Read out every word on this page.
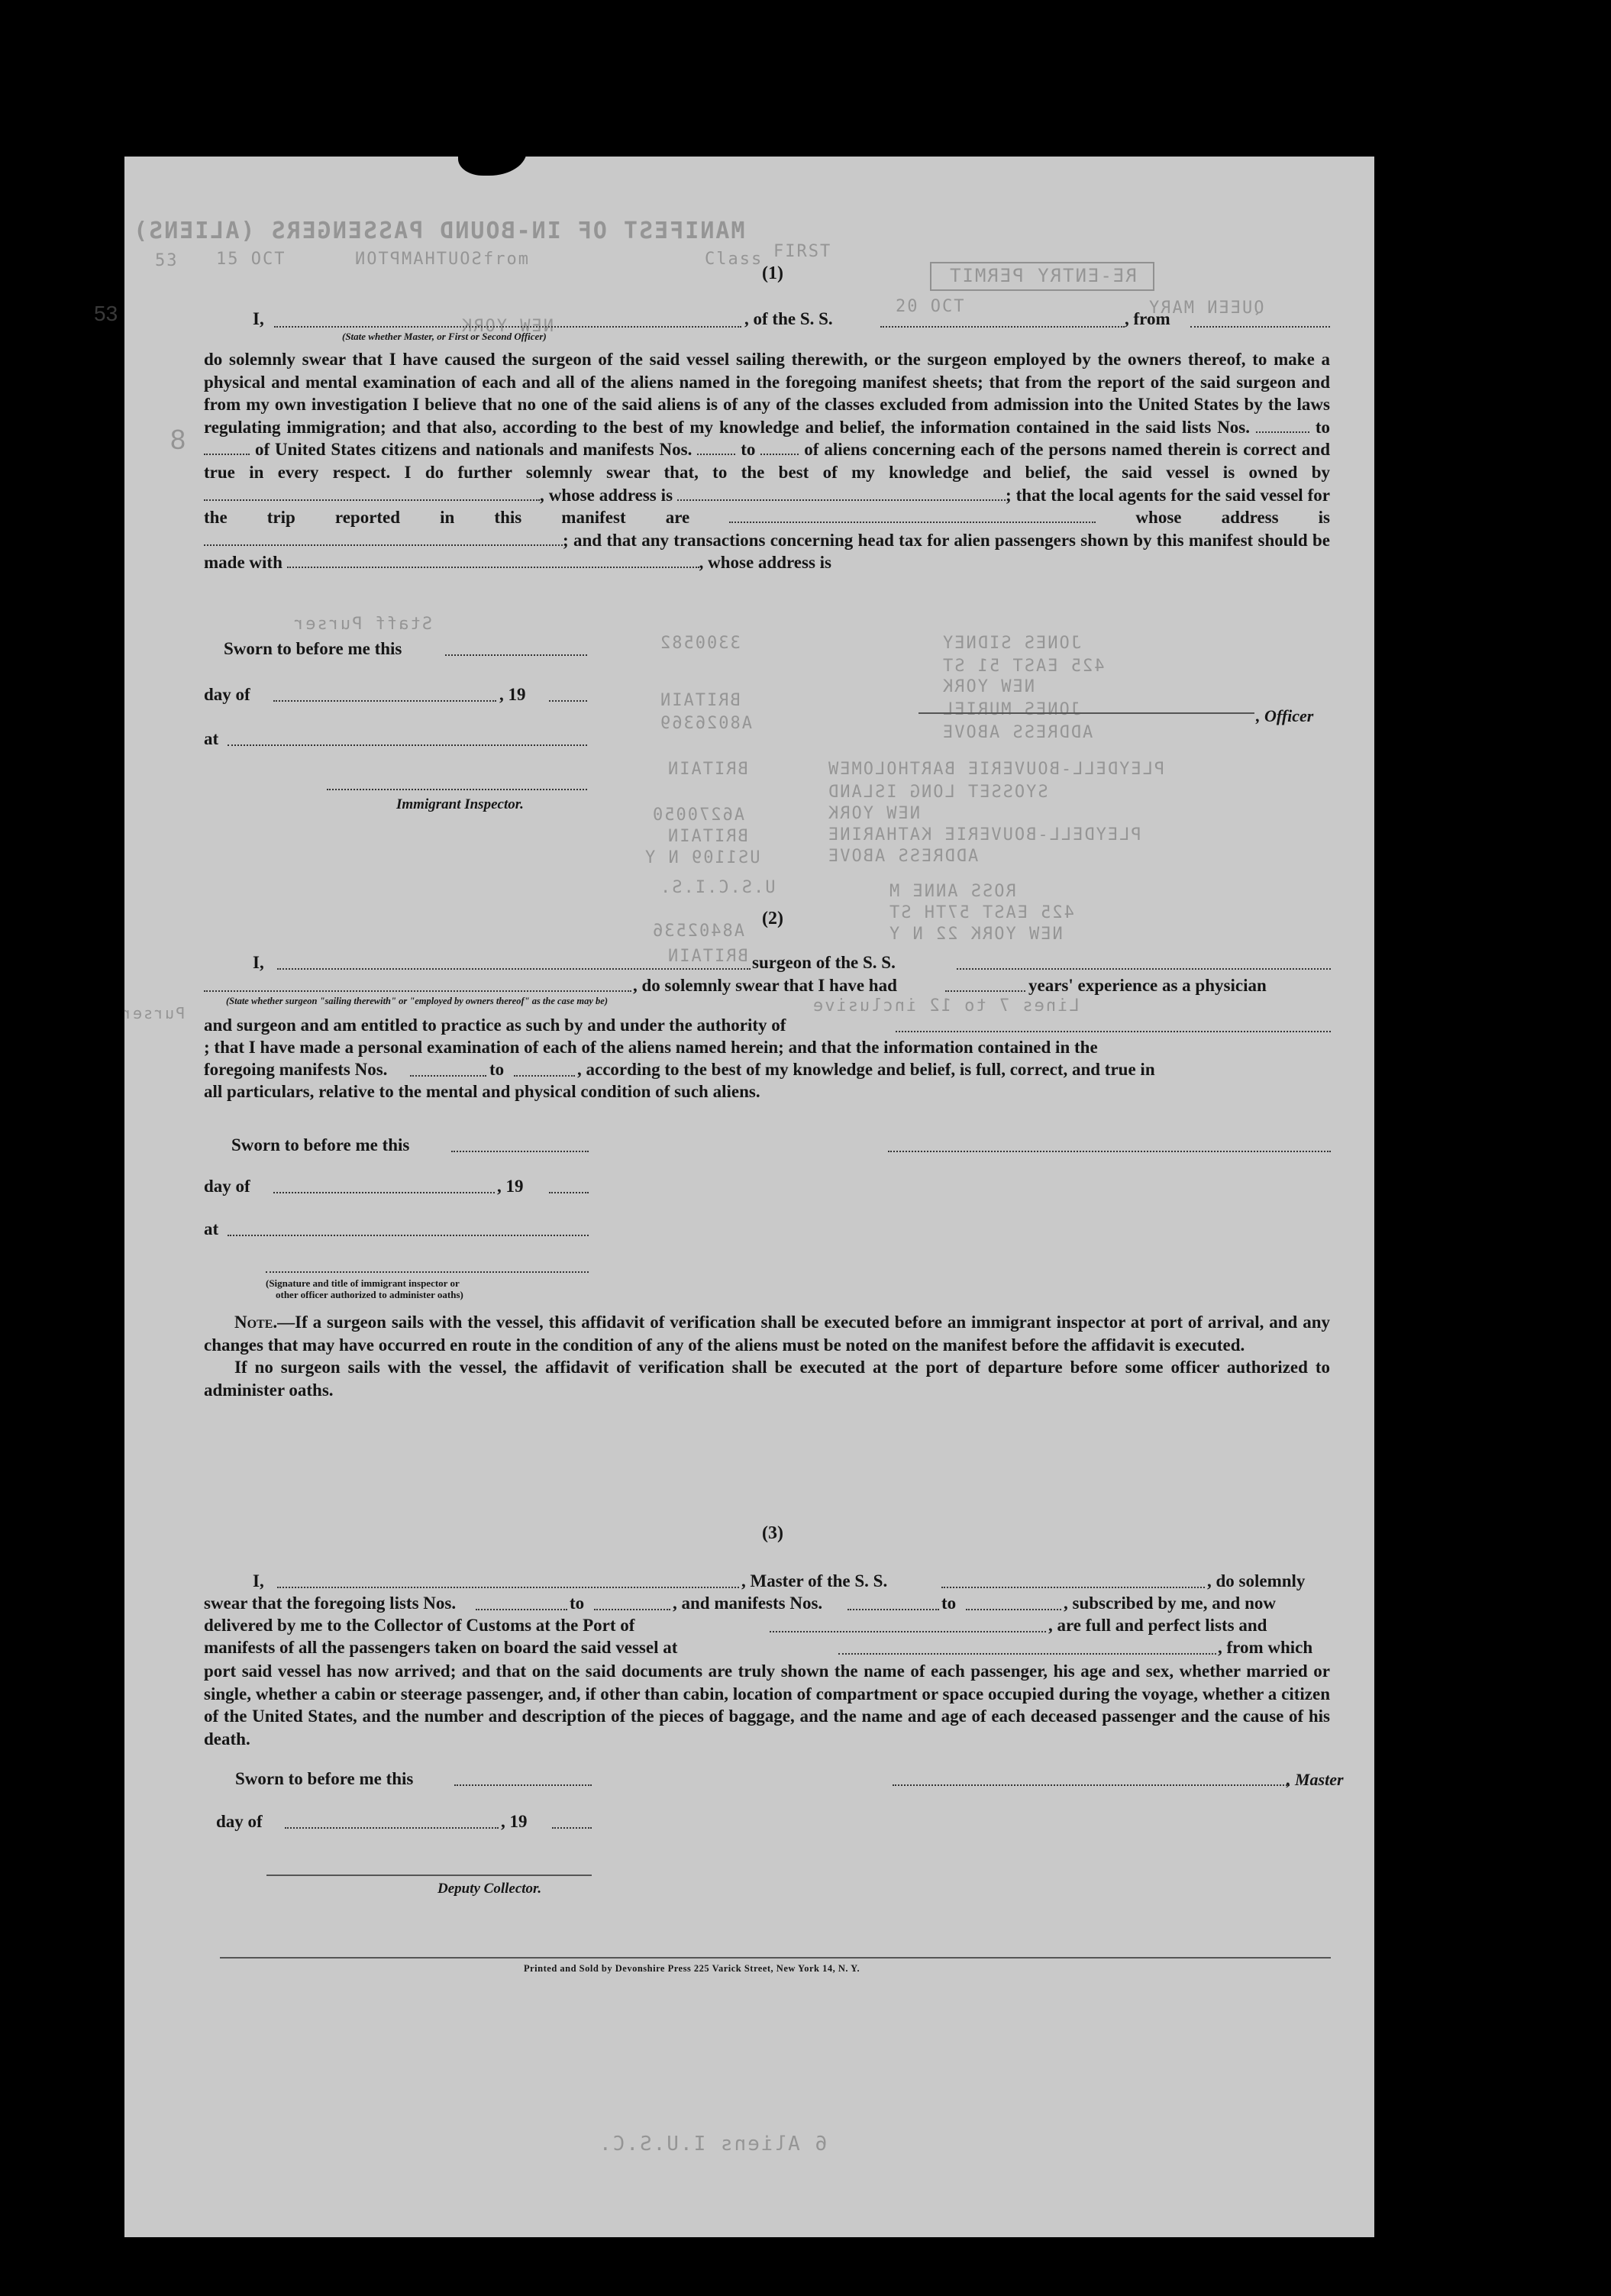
MANIFEST OF IN-BOUND PASSENGERS (ALIENS)
Class FIRST
from
SOUTHAMPTON
15 OCT
53
QUEEN MARY
NEW YORK
20 OCT
RE-ENTRY PERMIT
53
8
Purser
(1)
I,	, of the S. S.	, from
(State whether Master, or First or Second Officer)

do solemnly swear that I have caused the surgeon of the said vessel sailing therewith, or the surgeon employed by the owners thereof, to make a physical and mental examination of each and all of the aliens named in the foregoing manifest sheets; that from the report of the said surgeon and from my own investigation I believe that no one of the said aliens is of any of the classes excluded from admission into the United States by the laws regulating immigration; and that also, according to the best of my knowledge and belief, the information contained in the said lists Nos.	to  of United States citizens and nationals and manifests Nos.	to	of aliens concerning each of the persons named therein is correct and true in every respect. I do further solemnly swear that, to the best of my knowledge and belief, the said vessel is owned by , whose address is	; that the local agents for the said vessel for the trip reported in this manifest are	whose address is ; and that any transactions concerning head tax for alien passengers shown by this manifest should be made with	, whose address is

Staff Purser
JONES SIDNEY
425 EAST 51 ST
NEW YORK
JONES MURIEL
ADDRESS ABOVE
PLEYDELL-BOUVERIE BARTHOLOMEW
SYOSSET LONG ISLAND
NEW YORK
PLEYDELL-BOUVERIE KATHARINE
ADDRESS ABOVE
ROSS ANNE M
425 EAST 57TH ST
NEW YORK 22 N Y
3300582
BRITAIN
A8026369
BRITAIN
A6270050
BRITAIN
US1109 N Y
U.S.C.I.S.
A8402536
BRITAIN
Sworn to before me this
day of	, 19
at
Immigrant Inspector.
, Officer
(2)
I,	surgeon of the S. S.
, do solemnly swear that I have had	years' experience as a physician
(State whether surgeon "sailing therewith" or "employed by owners thereof" as the case may be)	Lines 7 to 12 inclusive
and surgeon and am entitled to practice as such by and under the authority of
; that I have made a personal examination of each of the aliens named herein; and that the information contained in the
foregoing manifests Nos.	to	, according to the best of my knowledge and belief, is full, correct, and true in
all particulars, relative to the mental and physical condition of such aliens.
Sworn to before me this
day of	, 19
at
(Signature and title of immigrant inspector or
other officer authorized to administer oaths)

Note.—If a surgeon sails with the vessel, this affidavit of verification shall be executed before an immigrant inspector at port of arrival, and any changes that may have occurred en route in the condition of any of the aliens must be noted on the manifest before the affidavit is executed.

If no surgeon sails with the vessel, the affidavit of verification shall be executed at the port of departure before some officer authorized to administer oaths.

(3)
I,	, Master of the S. S.	, do solemnly
swear that the foregoing lists Nos.	to	, and manifests Nos.	to	, subscribed by me, and now
delivered by me to the Collector of Customs at the Port of	, are full and perfect lists and
manifests of all the passengers taken on board the said vessel at	, from which
port said vessel has now arrived; and that on the said documents are truly shown the name of each passenger, his age and sex, whether married or single, whether a cabin or steerage passenger, and, if other than cabin, location of compartment or space occupied during the voyage, whether a citizen of the United States, and the number and description of the pieces of baggage, and the name and age of each deceased passenger and the cause of his death.
Sworn to before me this	, Master
day of	, 19
Deputy Collector.
Printed and Sold by Devonshire Press 225 Varick Street, New York 14, N. Y.
6 Aliens I.U.S.C.
